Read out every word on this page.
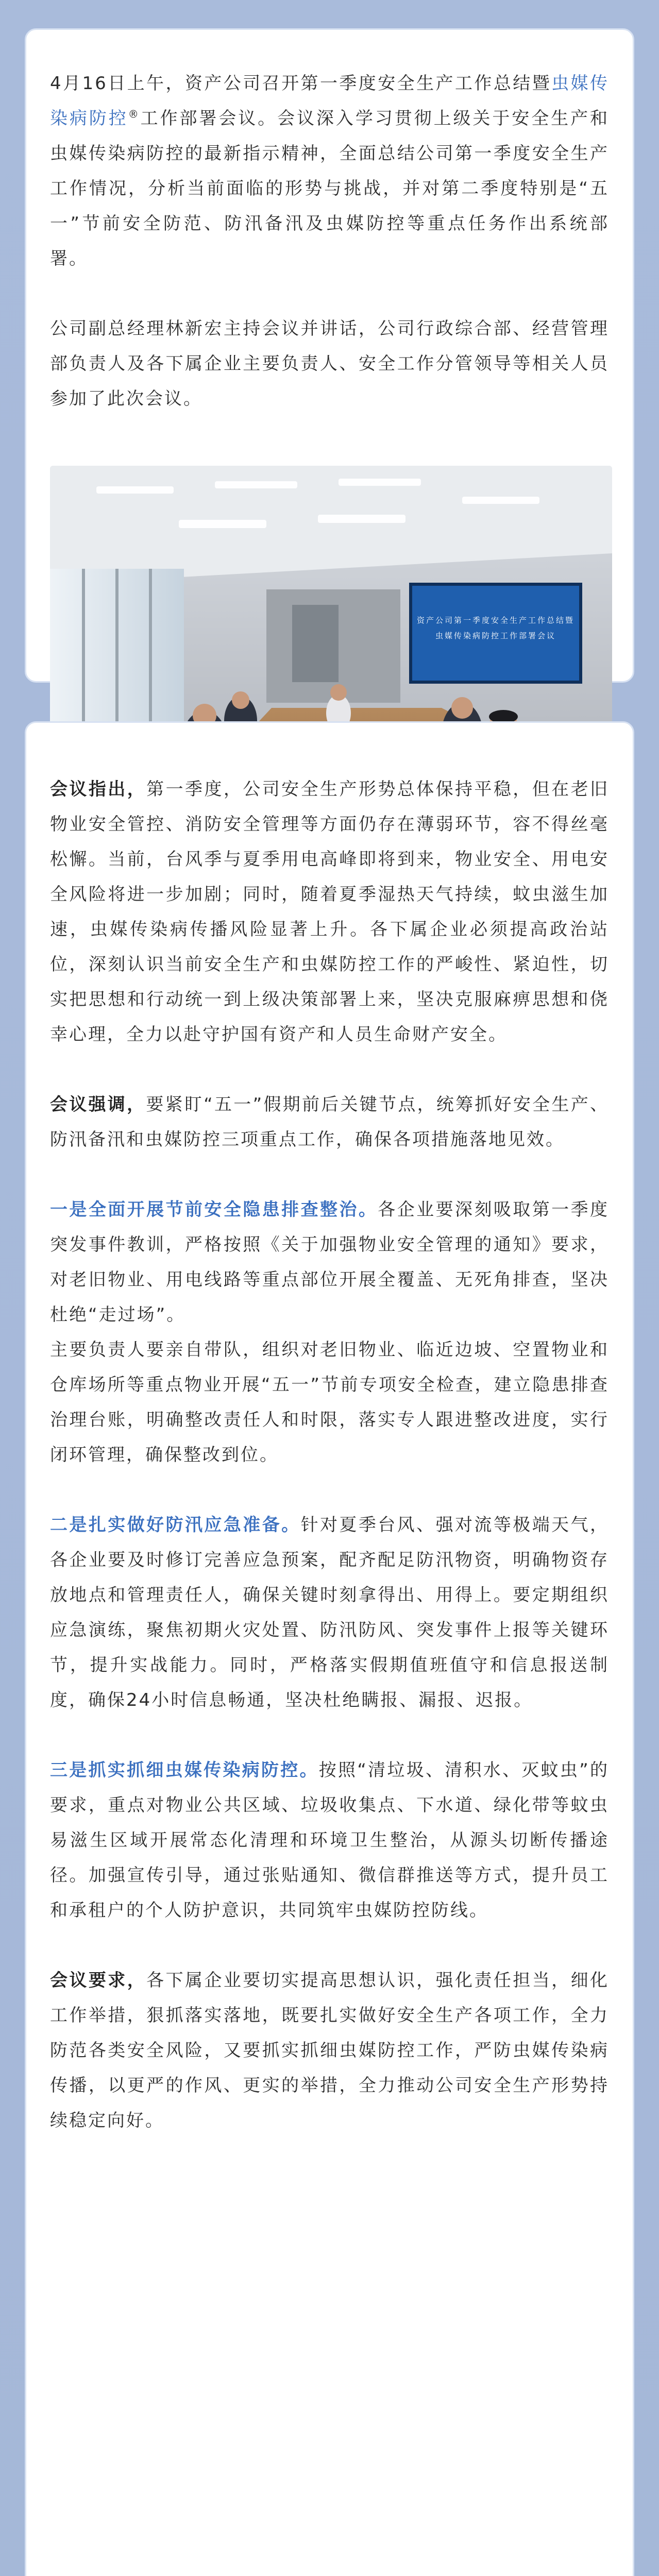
4月16日上午，资产公司召开第一季度安全生产工作总结暨虫媒传染病防控®工作部署会议。会议深入学习贯彻上级关于安全生产和虫媒传染病防控的最新指示精神，全面总结公司第一季度安全生产工作情况，分析当前面临的形势与挑战，并对第二季度特别是“五一”节前安全防范、防汛备汛及虫媒防控等重点任务作出系统部署。

公司副总经理林新宏主持会议并讲话，公司行政综合部、经营管理部负责人及各下属企业主要负责人、安全工作分管领导等相关人员参加了此次会议。

资产公司第一季度安全生产工作总结暨
虫媒传染病防控工作部署会议

会议指出，第一季度，公司安全生产形势总体保持平稳，但在老旧物业安全管控、消防安全管理等方面仍存在薄弱环节，容不得丝毫松懈。当前，台风季与夏季用电高峰即将到来，物业安全、用电安全风险将进一步加剧；同时，随着夏季湿热天气持续，蚊虫滋生加速，虫媒传染病传播风险显著上升。各下属企业必须提高政治站位，深刻认识当前安全生产和虫媒防控工作的严峻性、紧迫性，切实把思想和行动统一到上级决策部署上来，坚决克服麻痹思想和侥幸心理，全力以赴守护国有资产和人员生命财产安全。

会议强调，要紧盯“五一”假期前后关键节点，统筹抓好安全生产、防汛备汛和虫媒防控三项重点工作，确保各项措施落地见效。

一是全面开展节前安全隐患排查整治。各企业要深刻吸取第一季度突发事件教训，严格按照《关于加强物业安全管理的通知》要求，对老旧物业、用电线路等重点部位开展全覆盖、无死角排查，坚决杜绝“走过场”。

主要负责人要亲自带队，组织对老旧物业、临近边坡、空置物业和仓库场所等重点物业开展“五一”节前专项安全检查，建立隐患排查治理台账，明确整改责任人和时限，落实专人跟进整改进度，实行闭环管理，确保整改到位。

二是扎实做好防汛应急准备。针对夏季台风、强对流等极端天气，各企业要及时修订完善应急预案，配齐配足防汛物资，明确物资存放地点和管理责任人，确保关键时刻拿得出、用得上。要定期组织应急演练，聚焦初期火灾处置、防汛防风、突发事件上报等关键环节，提升实战能力。同时，严格落实假期值班值守和信息报送制度，确保24小时信息畅通，坚决杜绝瞒报、漏报、迟报。

三是抓实抓细虫媒传染病防控。按照“清垃圾、清积水、灭蚊虫”的要求，重点对物业公共区域、垃圾收集点、下水道、绿化带等蚊虫易滋生区域开展常态化清理和环境卫生整治，从源头切断传播途径。加强宣传引导，通过张贴通知、微信群推送等方式，提升员工和承租户的个人防护意识，共同筑牢虫媒防控防线。

会议要求，各下属企业要切实提高思想认识，强化责任担当，细化工作举措，狠抓落实落地，既要扎实做好安全生产各项工作，全力防范各类安全风险，又要抓实抓细虫媒防控工作，严防虫媒传染病传播，以更严的作风、更实的举措，全力推动公司安全生产形势持续稳定向好。
